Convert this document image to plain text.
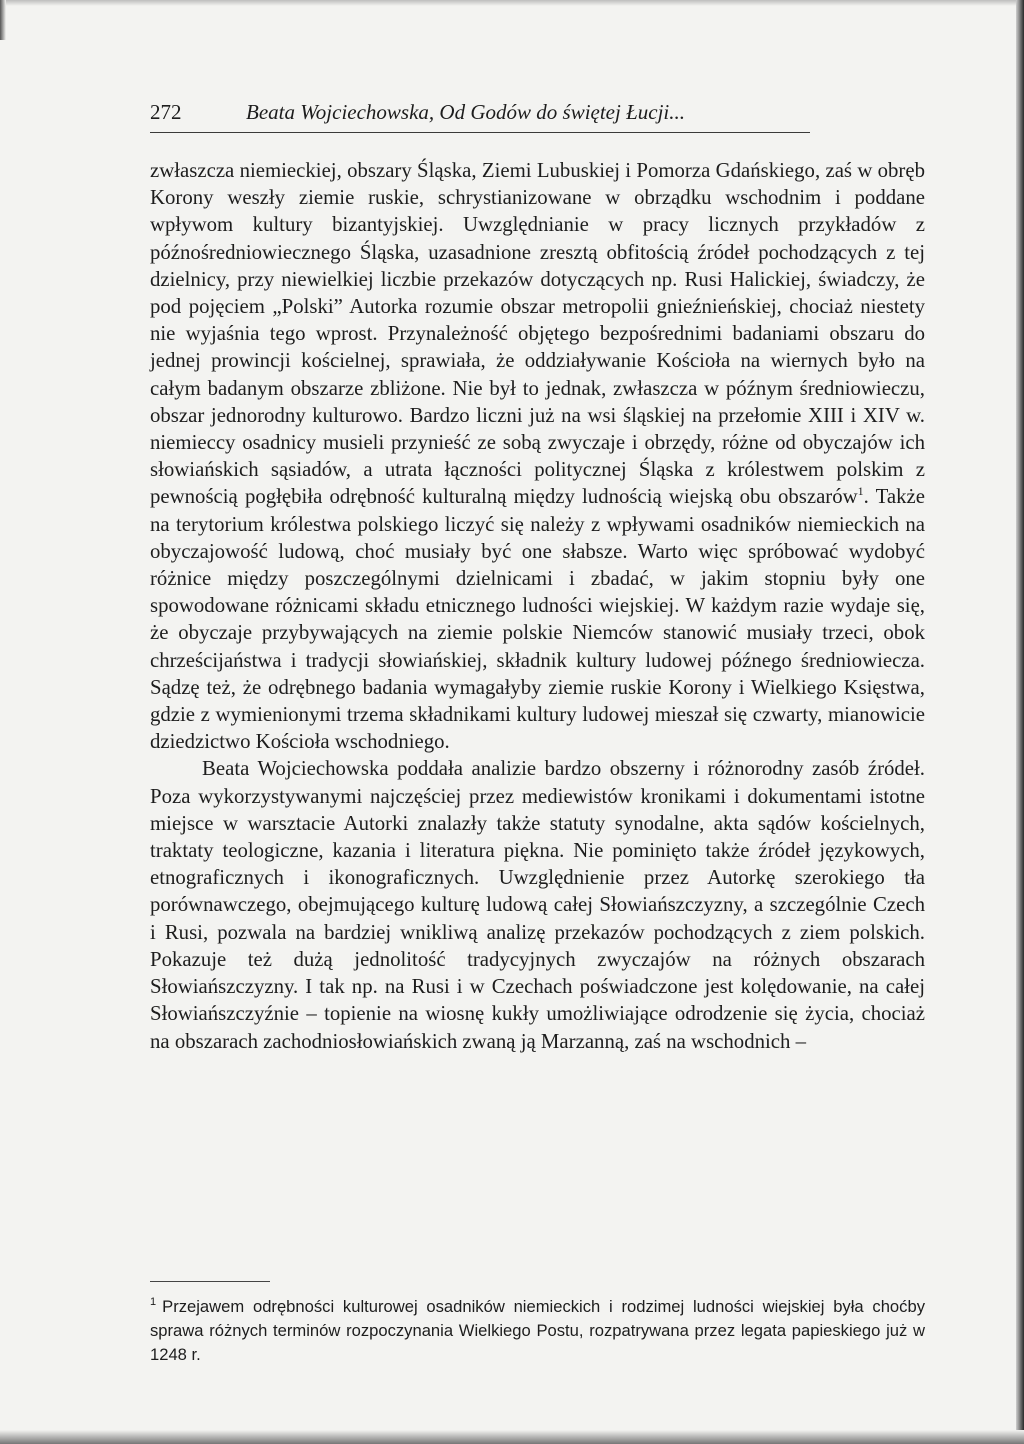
272	Beata Wojciechowska, Od Godów do świętej Łucji...

zwłaszcza niemieckiej, obszary Śląska, Ziemi Lubuskiej i Pomorza Gdańskiego, zaś w obręb Korony weszły ziemie ruskie, schrystianizowane w obrządku wschodnim i poddane wpływom kultury bizantyjskiej. Uwzględnianie w pracy licznych przykładów z późnośredniowiecznego Śląska, uzasadnione zresztą obfitością źródeł pochodzących z tej dzielnicy, przy niewielkiej liczbie przekazów dotyczących np. Rusi Halickiej, świadczy, że pod pojęciem „Polski” Autorka rozumie obszar metropolii gnieźnieńskiej, chociaż niestety nie wyjaśnia tego wprost. Przynależność objętego bezpośrednimi badaniami obszaru do jednej prowincji kościelnej, sprawiała, że oddziaływanie Kościoła na wiernych było na całym badanym obszarze zbliżone. Nie był to jednak, zwłaszcza w późnym średniowieczu, obszar jednorodny kulturowo. Bardzo liczni już na wsi śląskiej na przełomie XIII i XIV w. niemieccy osadnicy musieli przynieść ze sobą zwyczaje i obrzędy, różne od obyczajów ich słowiańskich sąsiadów, a utrata łączności politycznej Śląska z królestwem polskim z pewnością pogłębiła odrębność kulturalną między ludnością wiejską obu obszarów$^1$. Także na terytorium królestwa polskiego liczyć się należy z wpływami osadników niemieckich na obyczajowość ludową, choć musiały być one słabsze. Warto więc spróbować wydobyć różnice między poszczególnymi dzielnicami i zbadać, w jakim stopniu były one spowodowane różnicami składu etnicznego ludności wiejskiej. W każdym razie wydaje się, że obyczaje przybywających na ziemie polskie Niemców stanowić musiały trzeci, obok chrześcijaństwa i tradycji słowiańskiej, składnik kultury ludowej późnego średniowiecza. Sądzę też, że odrębnego badania wymagałyby ziemie ruskie Korony i Wielkiego Księstwa, gdzie z wymienionymi trzema składnikami kultury ludowej mieszał się czwarty, mianowicie dziedzictwo Kościoła wschodniego.

Beata Wojciechowska poddała analizie bardzo obszerny i różnorodny zasób źródeł. Poza wykorzystywanymi najczęściej przez mediewistów kronikami i dokumentami istotne miejsce w warsztacie Autorki znalazły także statuty synodalne, akta sądów kościelnych, traktaty teologiczne, kazania i literatura piękna. Nie pominięto także źródeł językowych, etnograficznych i ikonograficznych. Uwzględnienie przez Autorkę szerokiego tła porównawczego, obejmującego kulturę ludową całej Słowiańszczyzny, a szczególnie Czech i Rusi, pozwala na bardziej wnikliwą analizę przekazów pochodzących z ziem polskich. Pokazuje też dużą jednolitość tradycyjnych zwyczajów na różnych obszarach Słowiańszczyzny. I tak np. na Rusi i w Czechach poświadczone jest kolędowanie, na całej Słowiańszczyźnie – topienie na wiosnę kukły umożliwiające odrodzenie się życia, chociaż na obszarach zachodniosłowiańskich zwaną ją Marzanną, zaś na wschodnich –

$^1$ Przejawem odrębności kulturowej osadników niemieckich i rodzimej ludności wiejskiej była choćby sprawa różnych terminów rozpoczynania Wielkiego Postu, rozpatrywana przez legata papieskiego już w 1248 r.
